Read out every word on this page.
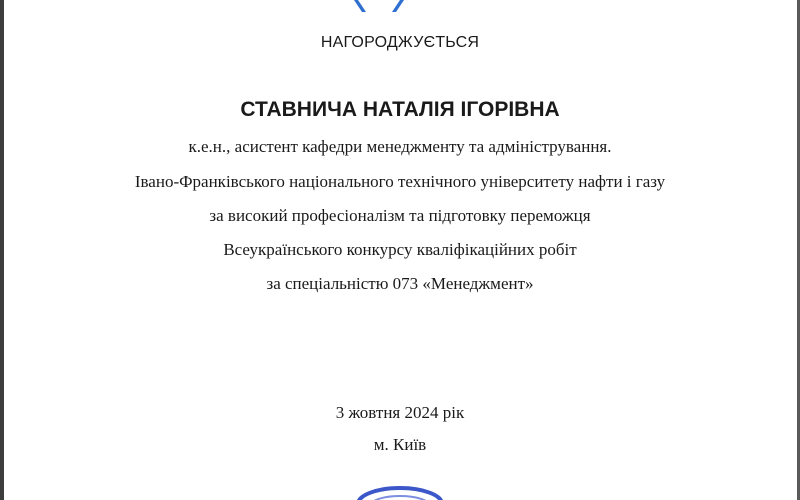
НАГОРОДЖУЄТЬСЯ
СТАВНИЧА НАТАЛІЯ ІГОРІВНА
к.е.н., асистент кафедри менеджменту та адміністрування.
Івано-Франківського національного технічного університету нафти і газу
за високий професіоналізм та підготовку переможця
Всеукраїнського конкурсу кваліфікаційних робіт
за спеціальністю 073 «Менеджмент»
3 жовтня 2024 рік
м. Київ
